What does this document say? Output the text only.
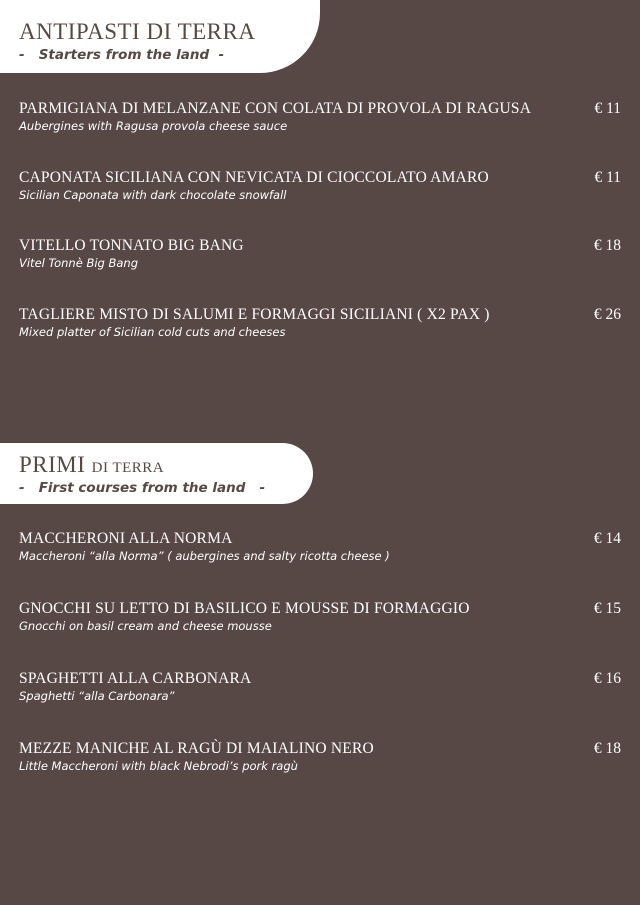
ANTIPASTI DI TERRA
-   Starters from the land  -
PARMIGIANA DI MELANZANE CON COLATA DI PROVOLA DI RAGUSA
Aubergines with Ragusa provola cheese sauce
€ 11
CAPONATA SICILIANA CON NEVICATA DI CIOCCOLATO AMARO
Sicilian Caponata with dark chocolate snowfall
€ 11
VITELLO TONNATO BIG BANG
Vitel Tonnè Big Bang
€ 18
TAGLIERE MISTO DI SALUMI E FORMAGGI SICILIANI ( X2 PAX )
Mixed platter of Sicilian cold cuts and cheeses
€ 26
PRIMI DI TERRA
-   First courses from the land   -
MACCHERONI ALLA NORMA
Maccheroni “alla Norma” ( aubergines and salty ricotta cheese )
€ 14
GNOCCHI SU LETTO DI BASILICO E MOUSSE DI FORMAGGIO
Gnocchi on basil cream and cheese mousse
€ 15
SPAGHETTI ALLA CARBONARA
Spaghetti “alla Carbonara”
€ 16
MEZZE MANICHE AL RAGÙ DI MAIALINO NERO
Little Maccheroni with black Nebrodi’s pork ragù
€ 18
